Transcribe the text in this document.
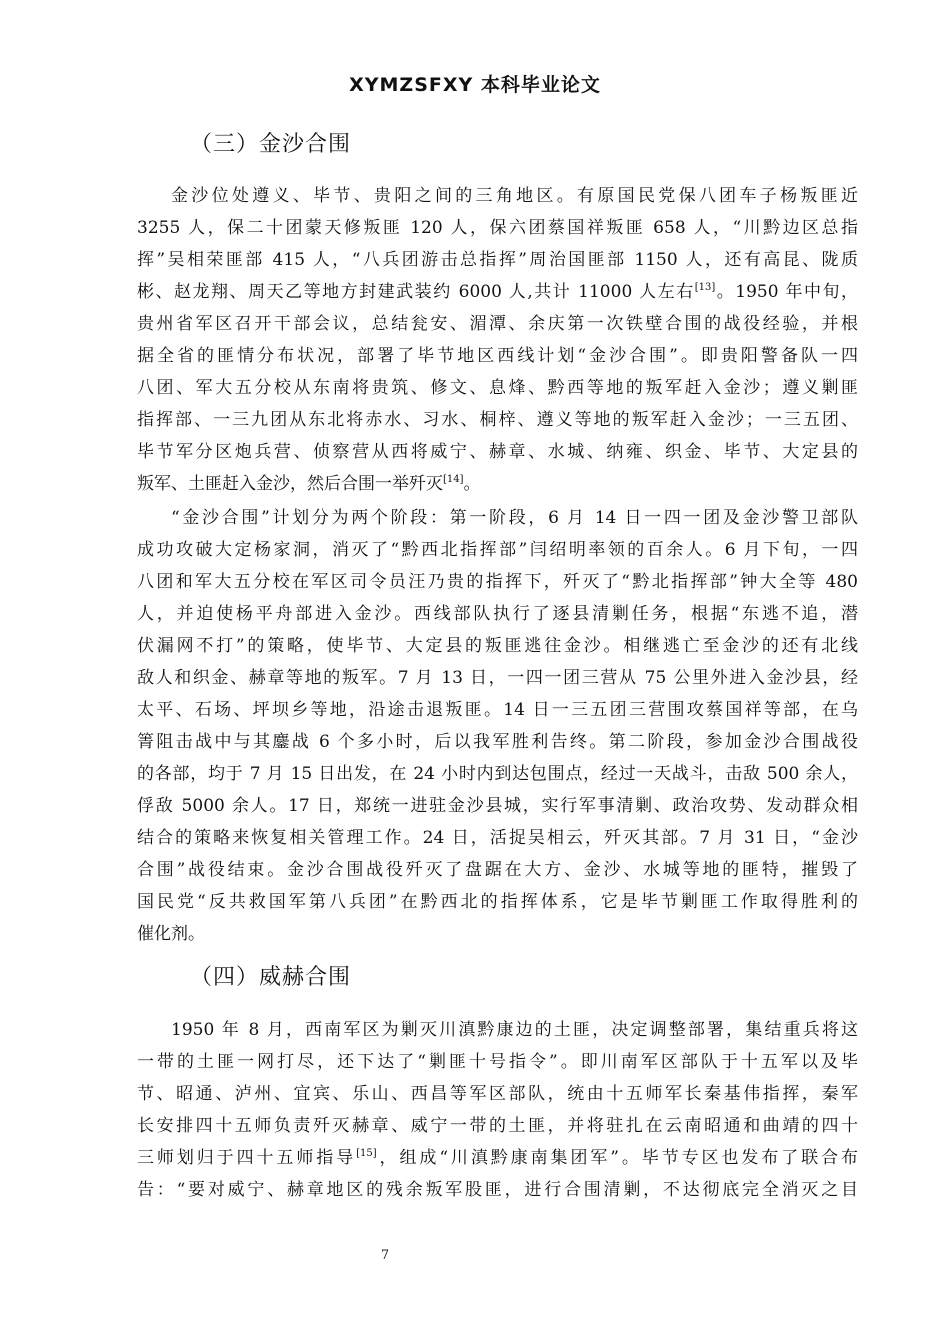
XYMZSFXY 本科毕业论文
（三）金沙合围
金沙位处遵义、毕节、贵阳之间的三角地区。有原国民党保八团车子杨叛匪近
3255 人，保二十团蒙天修叛匪 120 人，保六团蔡国祥叛匪 658 人，“川黔边区总指
挥”吴相荣匪部 415 人，“八兵团游击总指挥”周治国匪部 1150 人，还有高昆、陇质
彬、赵龙翔、周天乙等地方封建武装约 6000 人,共计 11000 人左右[13]。1950 年中旬，
贵州省军区召开干部会议，总结瓮安、湄潭、余庆第一次铁壁合围的战役经验，并根
据全省的匪情分布状况，部署了毕节地区西线计划“金沙合围”。即贵阳警备队一四
八团、军大五分校从东南将贵筑、修文、息烽、黔西等地的叛军赶入金沙；遵义剿匪
指挥部、一三九团从东北将赤水、习水、桐梓、遵义等地的叛军赶入金沙；一三五团、
毕节军分区炮兵营、侦察营从西将威宁、赫章、水城、纳雍、织金、毕节、大定县的
叛军、土匪赶入金沙，然后合围一举歼灭[14]。
“金沙合围”计划分为两个阶段：第一阶段，6 月 14 日一四一团及金沙警卫部队
成功攻破大定杨家洞，消灭了“黔西北指挥部”闫绍明率领的百余人。6 月下旬，一四
八团和军大五分校在军区司令员汪乃贵的指挥下，歼灭了“黔北指挥部”钟大全等 480
人，并迫使杨平舟部进入金沙。西线部队执行了逐县清剿任务，根据“东逃不追，潜
伏漏网不打”的策略，使毕节、大定县的叛匪逃往金沙。相继逃亡至金沙的还有北线
敌人和织金、赫章等地的叛军。7 月 13 日，一四一团三营从 75 公里外进入金沙县，经
太平、石场、坪坝乡等地，沿途击退叛匪。14 日一三五团三营围攻蔡国祥等部，在乌
箐阻击战中与其鏖战 6 个多小时，后以我军胜利告终。第二阶段，参加金沙合围战役
的各部，均于 7 月 15 日出发，在 24 小时内到达包围点，经过一天战斗，击敌 500 余人，
俘敌 5000 余人。17 日，郑统一进驻金沙县城，实行军事清剿、政治攻势、发动群众相
结合的策略来恢复相关管理工作。24 日，活捉吴相云，歼灭其部。7 月 31 日，“金沙
合围”战役结束。金沙合围战役歼灭了盘踞在大方、金沙、水城等地的匪特，摧毁了
国民党“反共救国军第八兵团”在黔西北的指挥体系，它是毕节剿匪工作取得胜利的
催化剂。
（四）威赫合围
1950 年 8 月，西南军区为剿灭川滇黔康边的土匪，决定调整部署，集结重兵将这
一带的土匪一网打尽，还下达了“剿匪十号指令”。即川南军区部队于十五军以及毕
节、昭通、泸州、宜宾、乐山、西昌等军区部队，统由十五师军长秦基伟指挥，秦军
长安排四十五师负责歼灭赫章、威宁一带的土匪，并将驻扎在云南昭通和曲靖的四十
三师划归于四十五师指导[15]，组成“川滇黔康南集团军”。毕节专区也发布了联合布
告：“要对威宁、赫章地区的残余叛军股匪，进行合围清剿，不达彻底完全消灭之目
7
